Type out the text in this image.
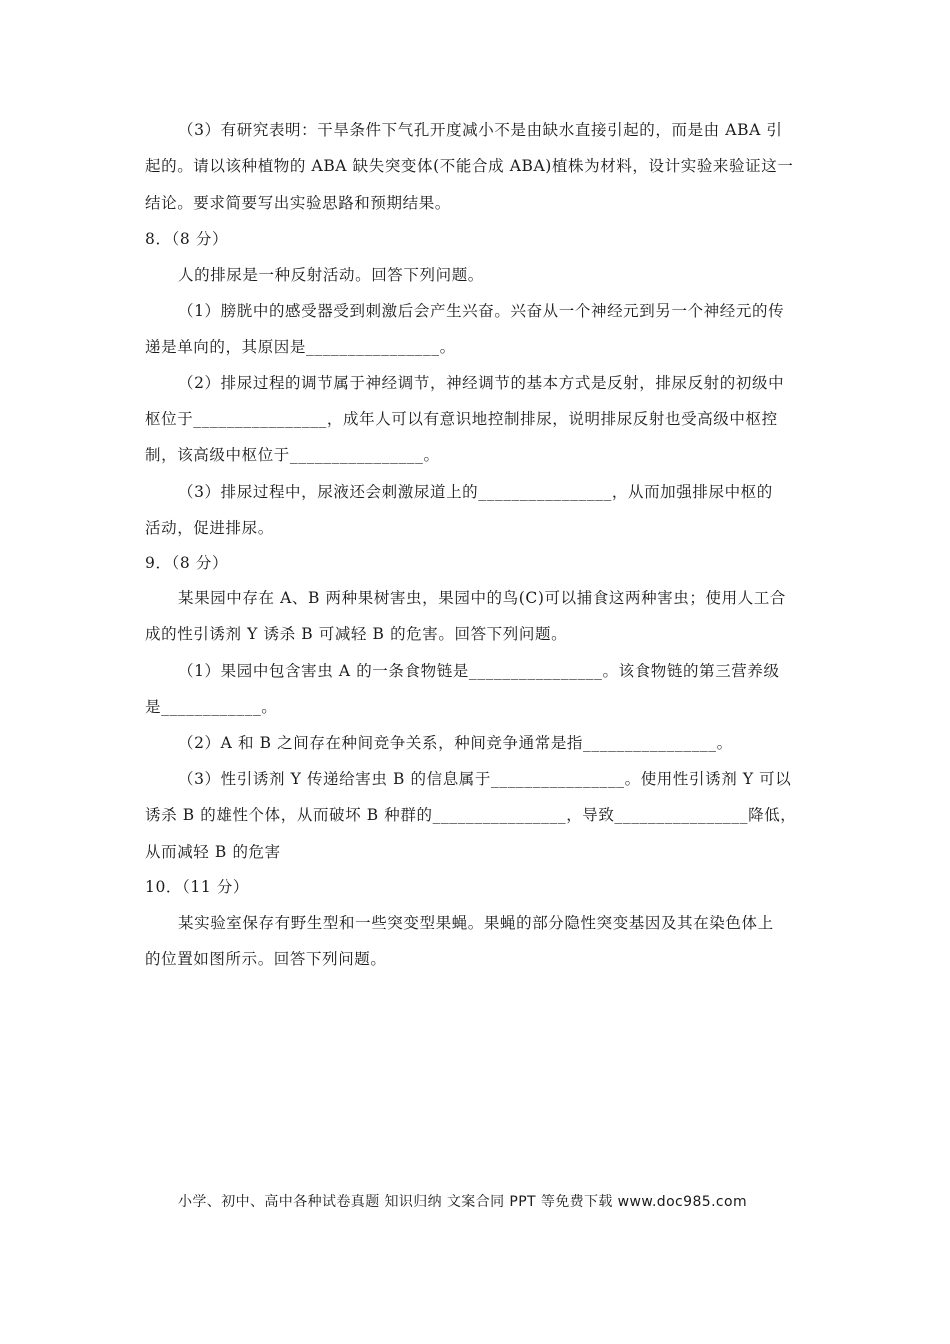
（3）有研究表明：干旱条件下气孔开度减小不是由缺水直接引起的，而是由 ABA 引
起的。请以该种植物的 ABA 缺失突变体(不能合成 ABA)植株为材料，设计实验来验证这一
结论。要求简要写出实验思路和预期结果。
8．（8 分）
人的排尿是一种反射活动。回答下列问题。
（1）膀胱中的感受器受到刺激后会产生兴奋。兴奋从一个神经元到另一个神经元的传
递是单向的，其原因是________________。
（2）排尿过程的调节属于神经调节，神经调节的基本方式是反射，排尿反射的初级中
枢位于________________，成年人可以有意识地控制排尿，说明排尿反射也受高级中枢控
制，该高级中枢位于________________。
（3）排尿过程中，尿液还会刺激尿道上的________________，从而加强排尿中枢的
活动，促进排尿。
9．（8 分）
某果园中存在 A、B 两种果树害虫，果园中的鸟(C)可以捕食这两种害虫；使用人工合
成的性引诱剂 Y 诱杀 B 可减轻 B 的危害。回答下列问题。
（1）果园中包含害虫 A 的一条食物链是________________。该食物链的第三营养级
是____________。
（2）A 和 B 之间存在种间竞争关系，种间竞争通常是指________________。
（3）性引诱剂 Y 传递给害虫 B 的信息属于________________。使用性引诱剂 Y 可以
诱杀 B 的雄性个体，从而破坏 B 种群的________________，导致________________降低，
从而减轻 B 的危害
10．（11 分）
某实验室保存有野生型和一些突变型果蝇。果蝇的部分隐性突变基因及其在染色体上
的位置如图所示。回答下列问题。
小学、初中、高中各种试卷真题 知识归纳 文案合同 PPT 等免费下载 www.doc985.com
